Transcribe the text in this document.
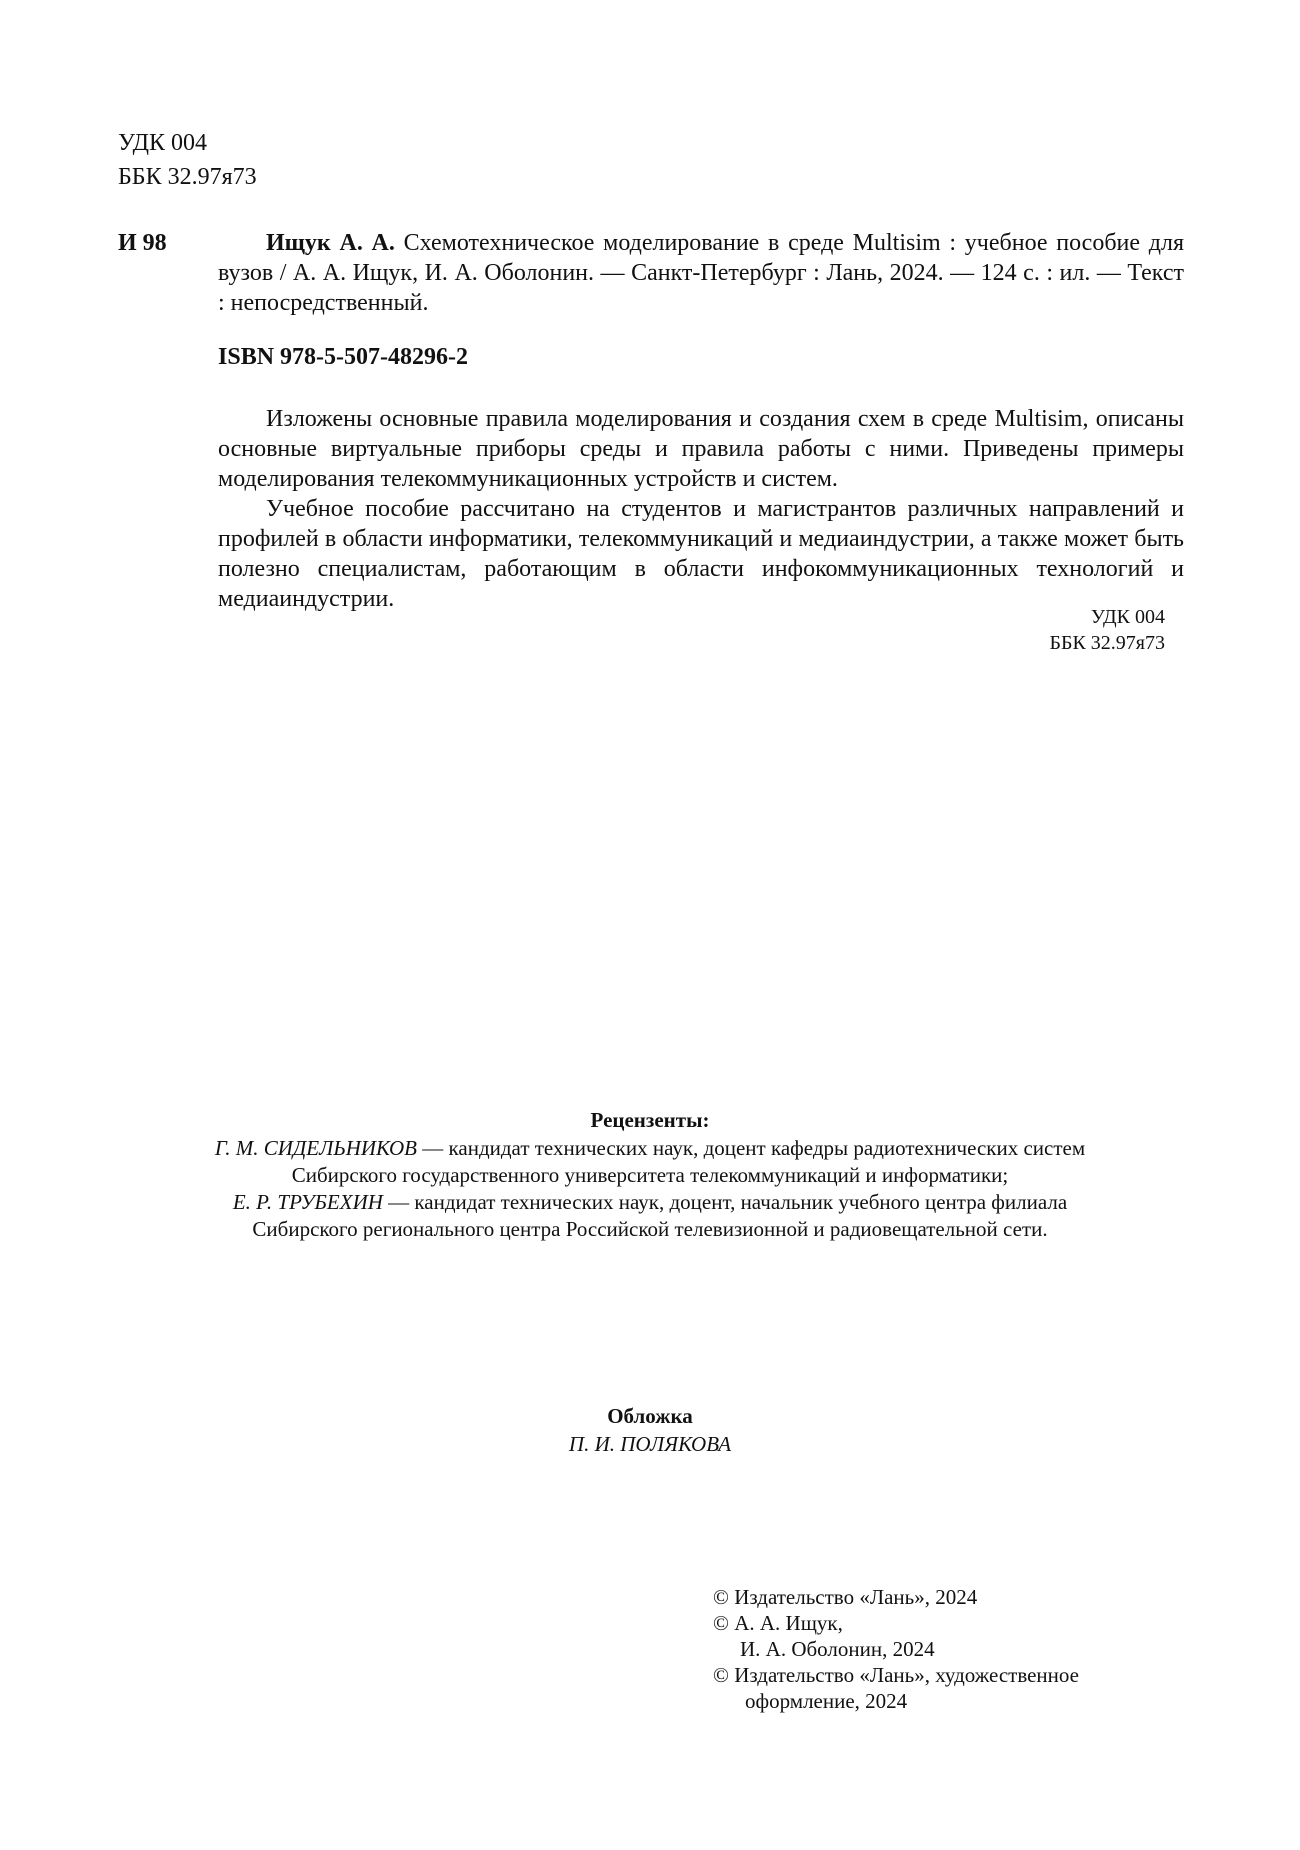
УДК 004
ББК 32.97я73
И 98	Ищук А. А. Схемотехническое моделирование в среде Multisim : учебное пособие для вузов / А. А. Ищук, И. А. Оболонин. — Санкт-Петербург : Лань, 2024. — 124 с. : ил. — Текст : непосредственный.
ISBN 978-5-507-48296-2
Изложены основные правила моделирования и создания схем в среде Multisim, описаны основные виртуальные приборы среды и правила работы с ними. Приведены примеры моделирования телекоммуникационных устройств и систем.
Учебное пособие рассчитано на студентов и магистрантов различных направлений и профилей в области информатики, телекоммуникаций и медиаиндустрии, а также может быть полезно специалистам, работающим в области инфокоммуникационных технологий и медиаиндустрии.
УДК 004
ББК 32.97я73
Рецензенты:
Г. М. СИДЕЛЬНИКОВ — кандидат технических наук, доцент кафедры радиотехнических систем
Сибирского государственного университета телекоммуникаций и информатики;
Е. Р. ТРУБЕХИН — кандидат технических наук, доцент, начальник учебного центра филиала
Сибирского регионального центра Российской телевизионной и радиовещательной сети.
Обложка
П. И. ПОЛЯКОВА
© Издательство «Лань», 2024
© А. А. Ищук,
И. А. Оболонин, 2024
© Издательство «Лань», художественное
оформление, 2024
